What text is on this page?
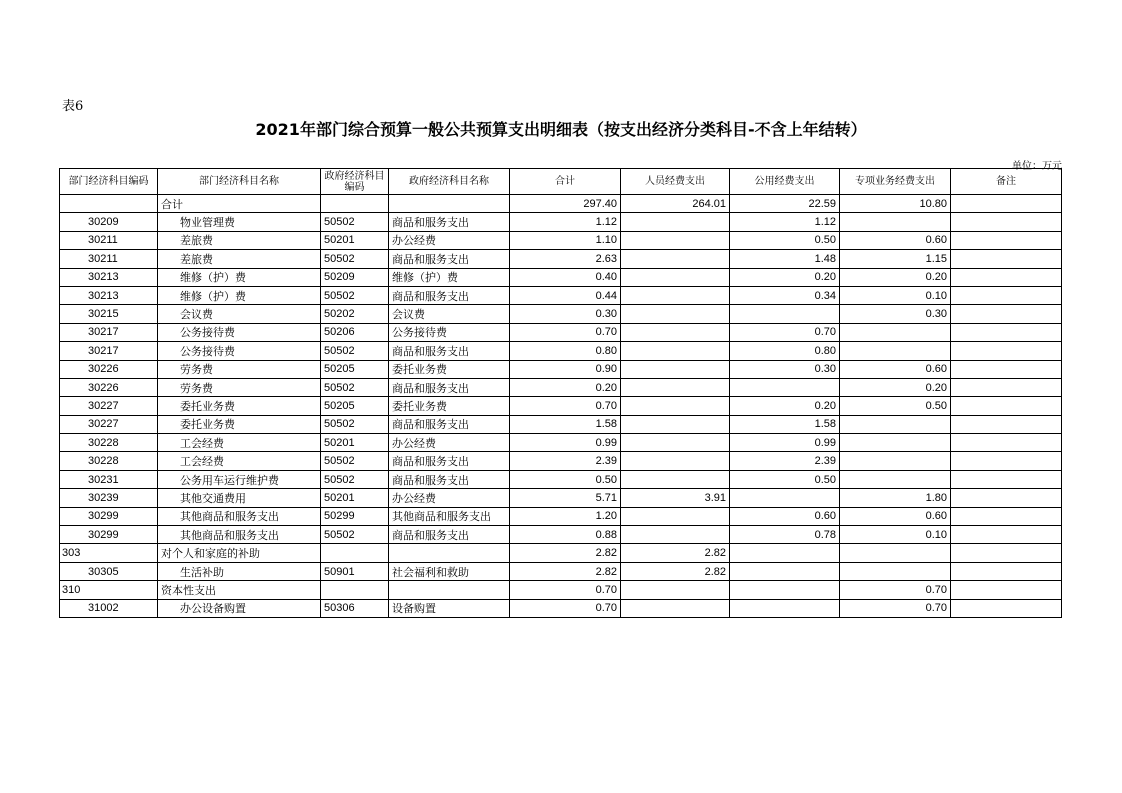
表6
2021年部门综合预算一般公共预算支出明细表（按支出经济分类科目-不含上年结转）
单位：万元
部门经济科目编码	部门经济科目名称	政府经济科目
编码	政府经济科目名称	合计	人员经费支出	公用经费支出	专项业务经费支出	备注
	合计			297.40	264.01	22.59	10.80	
30209	物业管理费	50502	商品和服务支出	1.12		1.12		
30211	差旅费	50201	办公经费	1.10		0.50	0.60	
30211	差旅费	50502	商品和服务支出	2.63		1.48	1.15	
30213	维修（护）费	50209	维修（护）费	0.40		0.20	0.20	
30213	维修（护）费	50502	商品和服务支出	0.44		0.34	0.10	
30215	会议费	50202	会议费	0.30			0.30	
30217	公务接待费	50206	公务接待费	0.70		0.70		
30217	公务接待费	50502	商品和服务支出	0.80		0.80		
30226	劳务费	50205	委托业务费	0.90		0.30	0.60	
30226	劳务费	50502	商品和服务支出	0.20			0.20	
30227	委托业务费	50205	委托业务费	0.70		0.20	0.50	
30227	委托业务费	50502	商品和服务支出	1.58		1.58		
30228	工会经费	50201	办公经费	0.99		0.99		
30228	工会经费	50502	商品和服务支出	2.39		2.39		
30231	公务用车运行维护费	50502	商品和服务支出	0.50		0.50		
30239	其他交通费用	50201	办公经费	5.71	3.91		1.80	
30299	其他商品和服务支出	50299	其他商品和服务支出	1.20		0.60	0.60	
30299	其他商品和服务支出	50502	商品和服务支出	0.88		0.78	0.10	
303	对个人和家庭的补助			2.82	2.82			
30305	生活补助	50901	社会福利和救助	2.82	2.82			
310	资本性支出			0.70			0.70	
31002	办公设备购置	50306	设备购置	0.70			0.70	
